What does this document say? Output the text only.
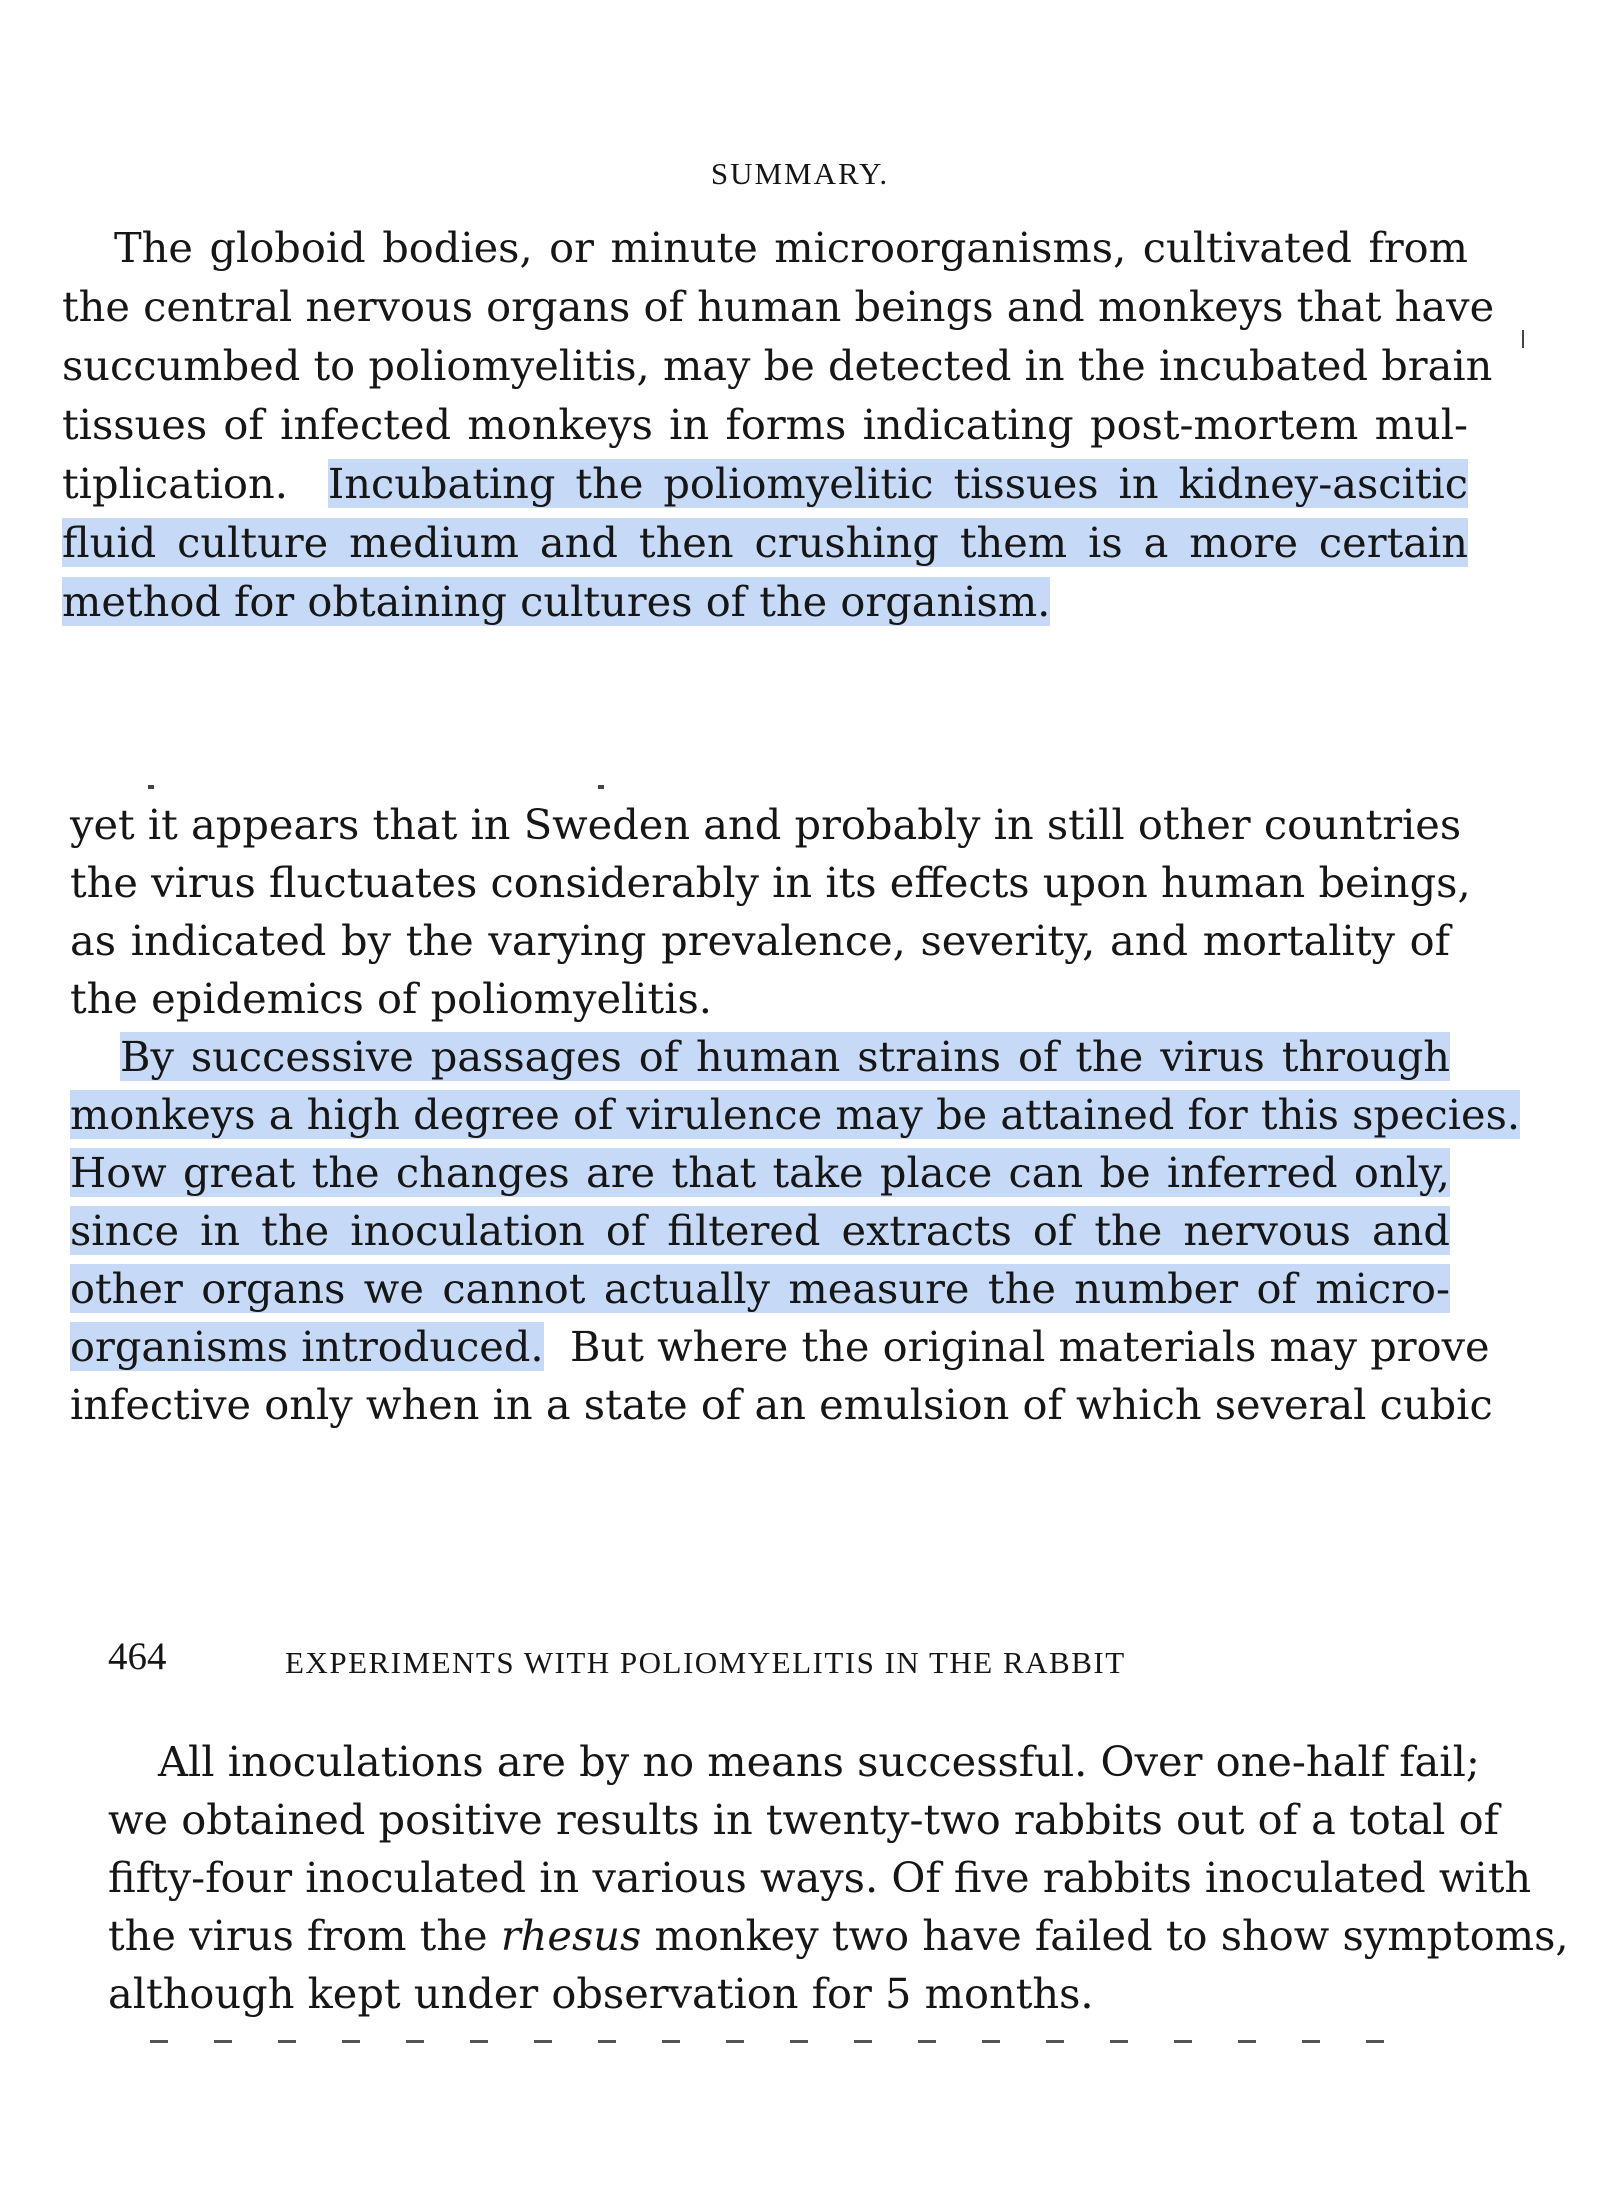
SUMMARY.
The globoid bodies, or minute microorganisms, cultivated from
the central nervous organs of human beings and monkeys that have
succumbed to poliomyelitis, may be detected in the incubated brain
tissues of infected monkeys in forms indicating post-mortem mul-
tiplication. Incubating the poliomyelitic tissues in kidney-ascitic
fluid culture medium and then crushing them is a more certain
method for obtaining cultures of the organism.
yet it appears that in Sweden and probably in still other countries
the virus fluctuates considerably in its effects upon human beings,
as indicated by the varying prevalence, severity, and mortality of
the epidemics of poliomyelitis.
By successive passages of human strains of the virus through
monkeys a high degree of virulence may be attained for this species.
How great the changes are that take place can be inferred only,
since in the inoculation of filtered extracts of the nervous and
other organs we cannot actually measure the number of micro-
organisms introduced. But where the original materials may prove
infective only when in a state of an emulsion of which several cubic
464	EXPERIMENTS WITH POLIOMYELITIS IN THE RABBIT
All inoculations are by no means successful. Over one-half fail;
we obtained positive results in twenty-two rabbits out of a total of
fifty-four inoculated in various ways. Of five rabbits inoculated with
the virus from the rhesus monkey two have failed to show symptoms,
although kept under observation for 5 months.
